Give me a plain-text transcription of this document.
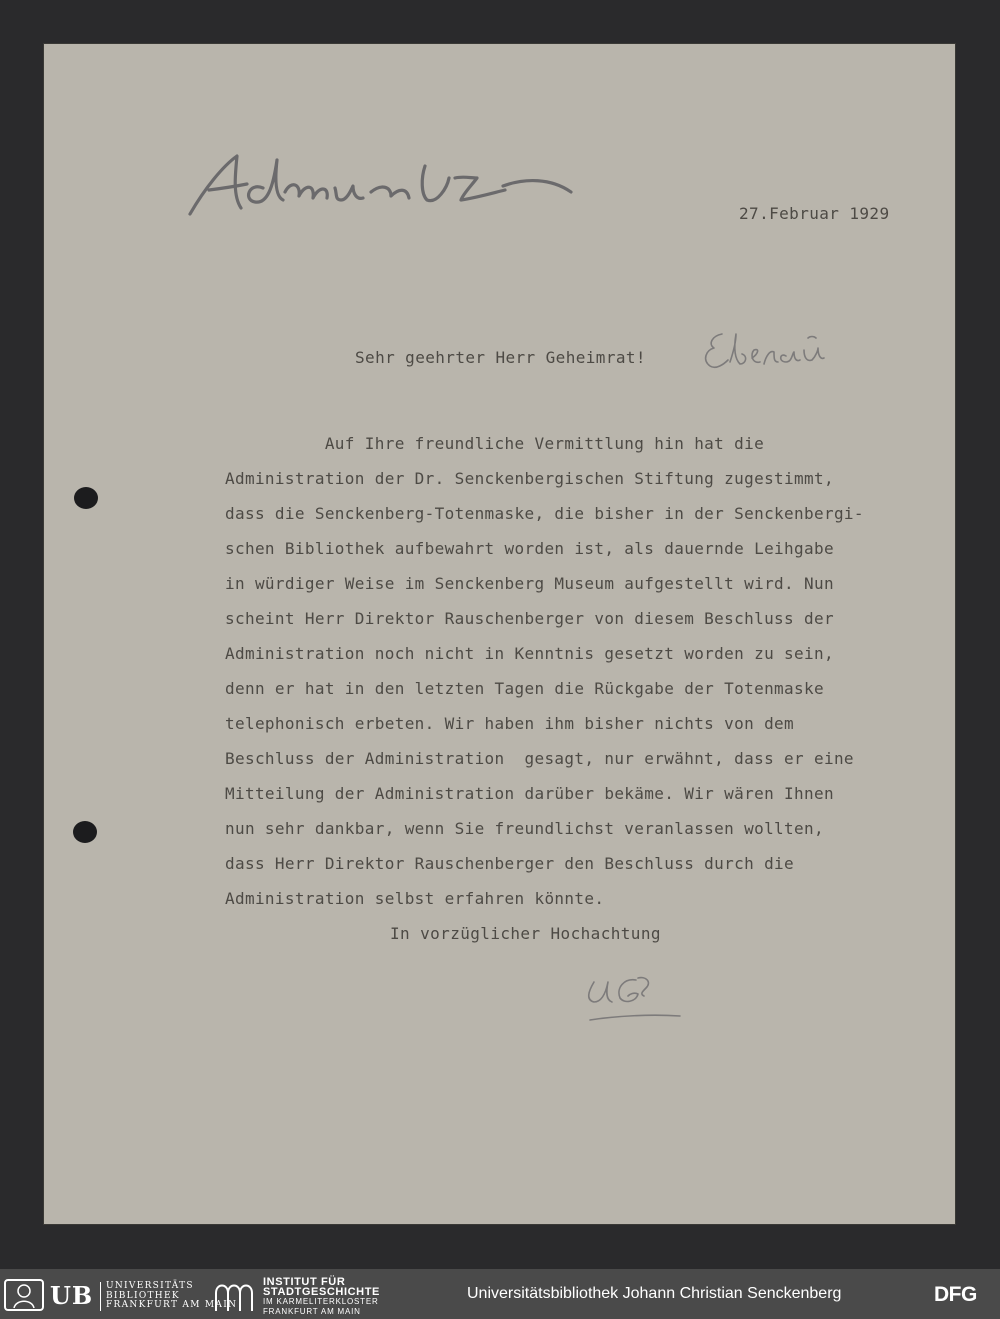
27.Februar 1929
Sehr geehrter Herr Geheimrat!
Auf Ihre freundliche Vermittlung hin hat die
Administration der Dr. Senckenbergischen Stiftung zugestimmt,
dass die Senckenberg-Totenmaske, die bisher in der Senckenbergi-
schen Bibliothek aufbewahrt worden ist, als dauernde Leihgabe
in würdiger Weise im Senckenberg Museum aufgestellt wird. Nun
scheint Herr Direktor Rauschenberger von diesem Beschluss der
Administration noch nicht in Kenntnis gesetzt worden zu sein,
denn er hat in den letzten Tagen die Rückgabe der Totenmaske
telephonisch erbeten. Wir haben ihm bisher nichts von dem
Beschluss der Administration  gesagt, nur erwähnt, dass er eine
Mitteilung der Administration darüber bekäme. Wir wären Ihnen
nun sehr dankbar, wenn Sie freundlichst veranlassen wollten,
dass Herr Direktor Rauschenberger den Beschluss durch die
Administration selbst erfahren könnte.
In vorzüglicher Hochachtung
UB UNIVERSITÄTS
BIBLIOTHEK
FRANKFURT AM MAIN
INSTITUT FÜR
STADTGESCHICHTE
IM KARMELITERKLOSTER
FRANKFURT AM MAIN
Universitätsbibliothek Johann Christian Senckenberg	DFG
